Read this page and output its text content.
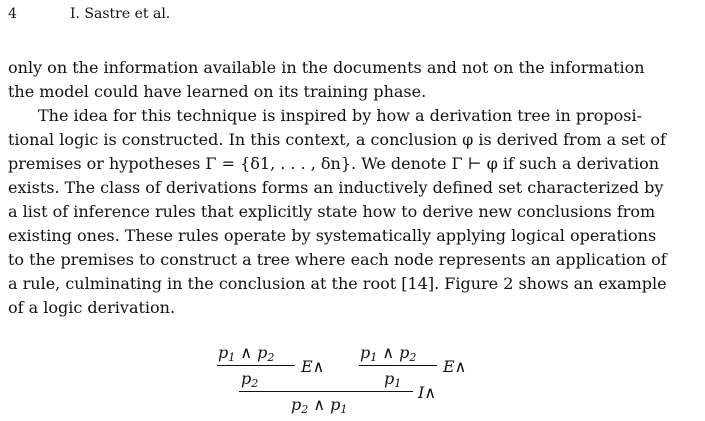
4	I. Sastre et al.
only on the information available in the documents and not on the information
the model could have learned on its training phase.
The idea for this technique is inspired by how a derivation tree in proposi-
tional logic is constructed. In this context, a conclusion φ is derived from a set of
premises or hypotheses Γ = {δ1, . . . , δn}. We denote Γ ⊢ φ if such a derivation
exists. The class of derivations forms an inductively defined set characterized by
a list of inference rules that explicitly state how to derive new conclusions from
existing ones. These rules operate by systematically applying logical operations
to the premises to construct a tree where each node represents an application of
a rule, culminating in the conclusion at the root [14]. Figure 2 shows an example
of a logic derivation.
$p_1$ ∧ $p_2$
$p_2$
E∧
$p_1$ ∧ $p_2$
$p_1$
E∧
$p_2$ ∧ $p_1$
I∧
